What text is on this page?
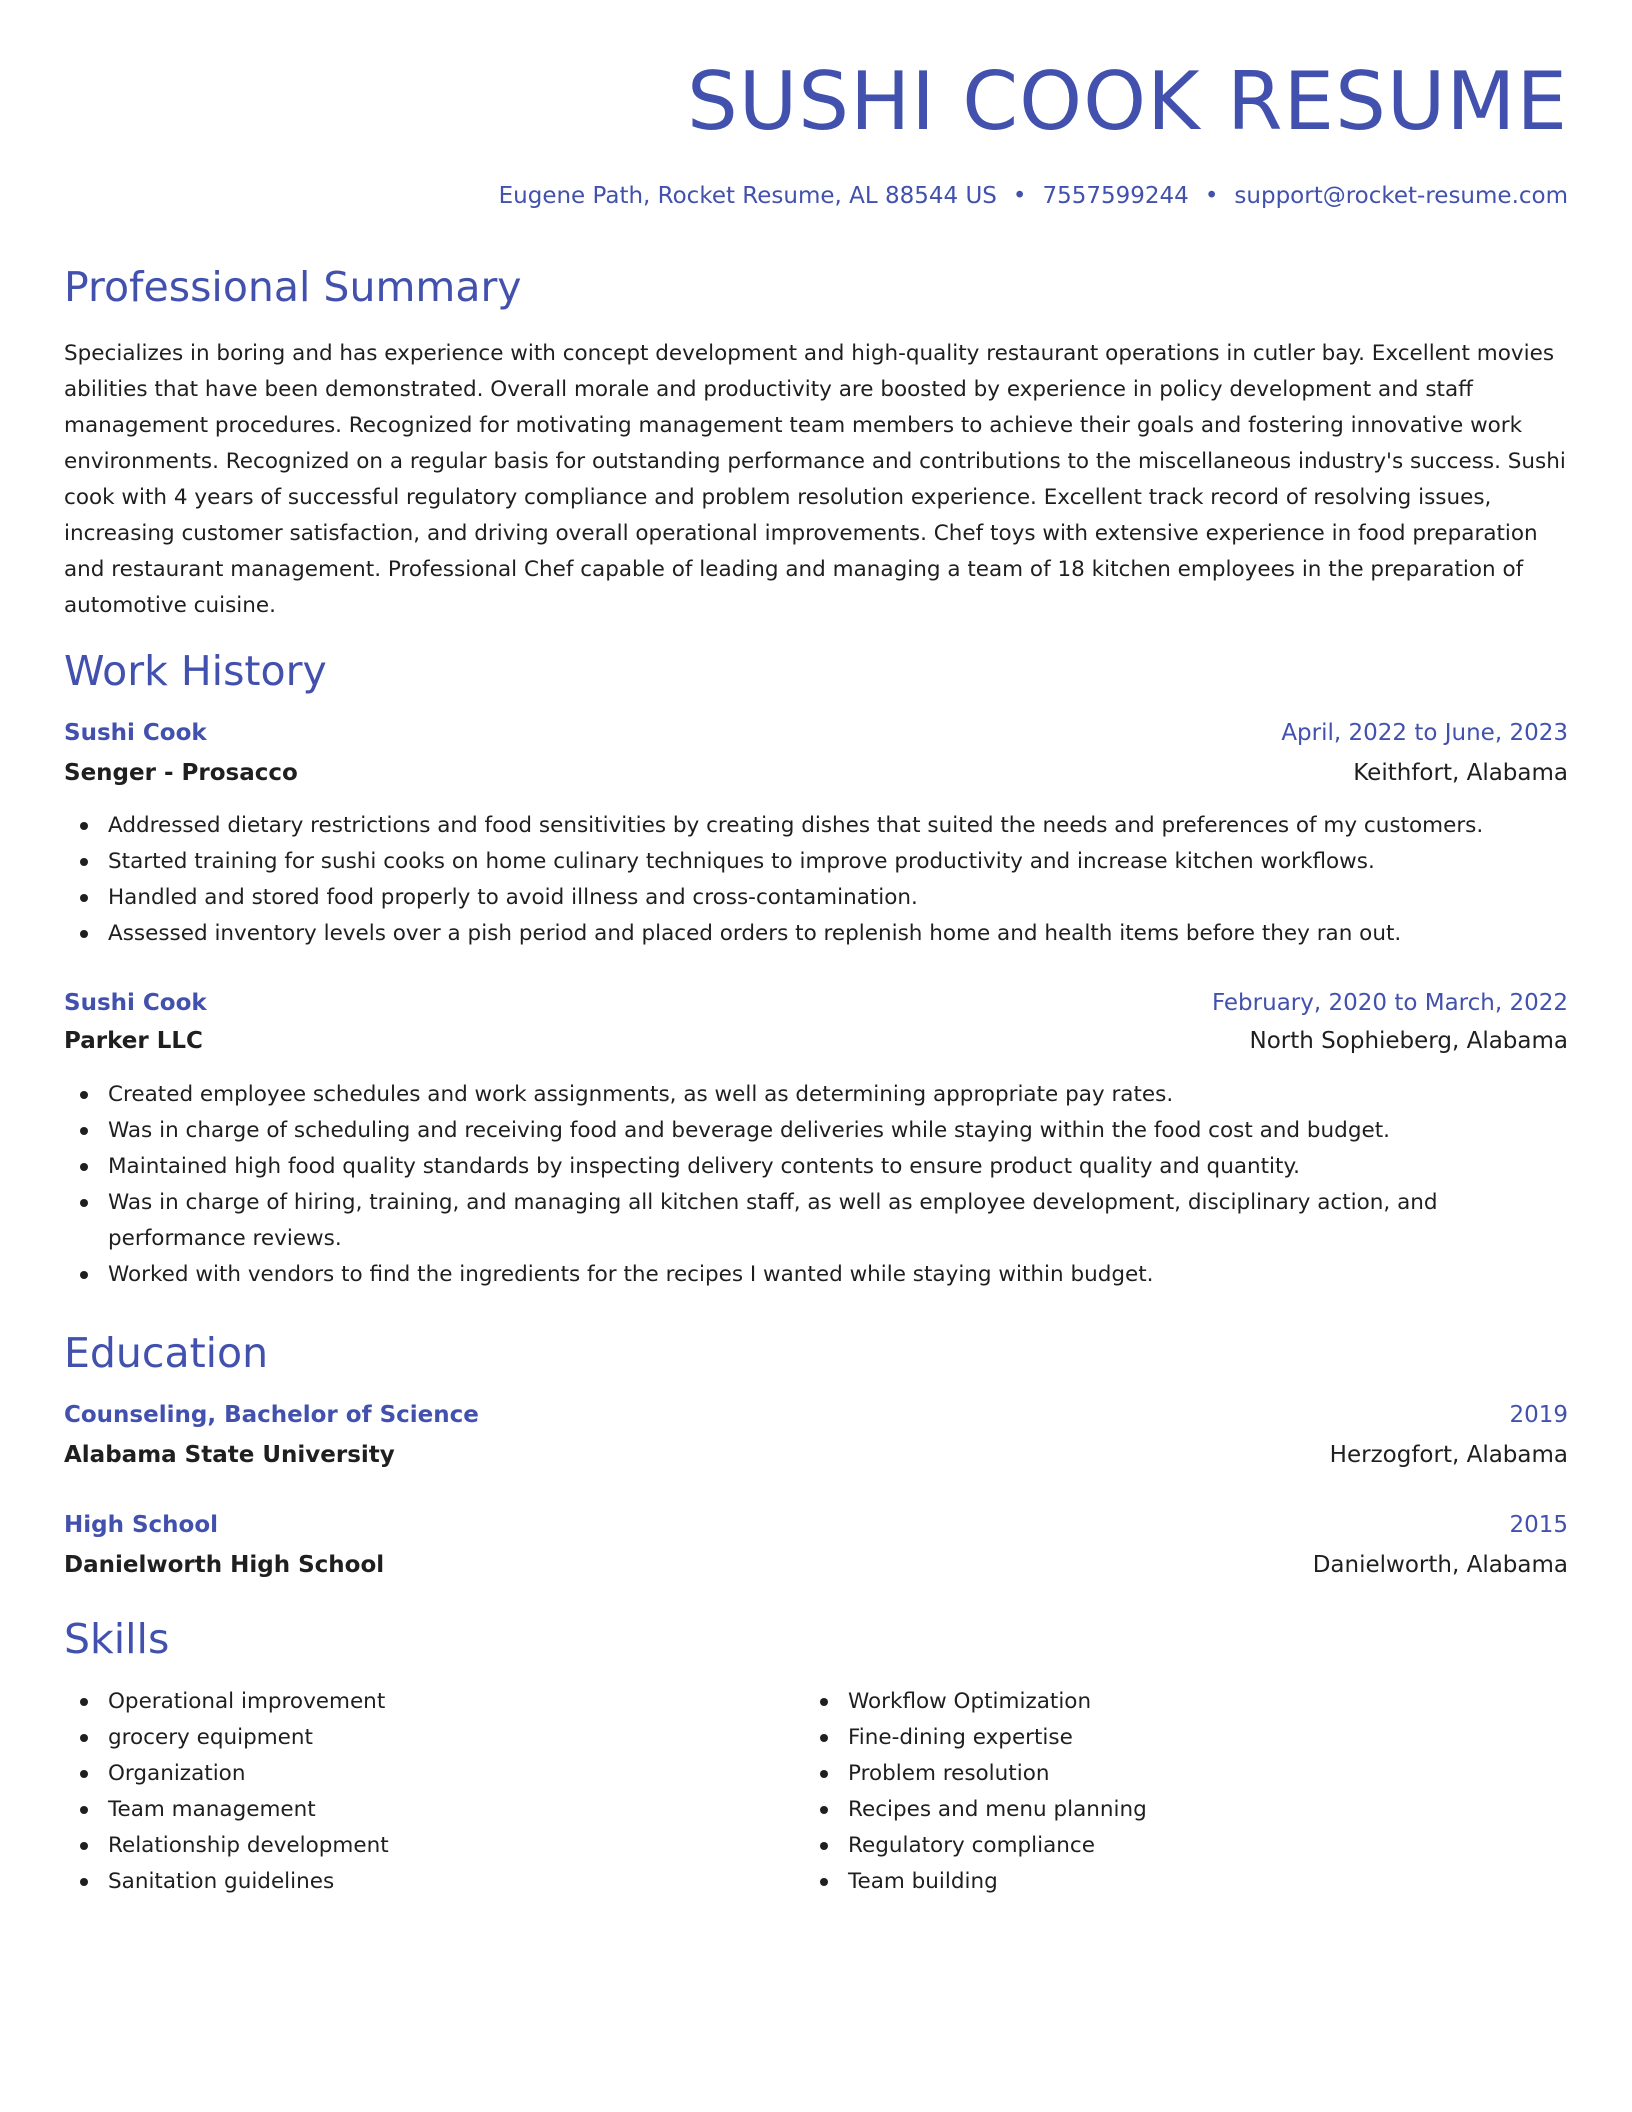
SUSHI COOK RESUME
Eugene Path, Rocket Resume, AL 88544 US • 7557599244 • support@rocket-resume.com
Professional Summary

Specializes in boring and has experience with concept development and high-quality restaurant operations in cutler bay. Excellent movies abilities that have been demonstrated. Overall morale and productivity are boosted by experience in policy development and staff management procedures. Recognized for motivating management team members to achieve their goals and fostering innovative work environments. Recognized on a regular basis for outstanding performance and contributions to the miscellaneous industry's success. Sushi cook with 4 years of successful regulatory compliance and problem resolution experience. Excellent track record of resolving issues, increasing customer satisfaction, and driving overall operational improvements. Chef toys with extensive experience in food preparation and restaurant management. Professional Chef capable of leading and managing a team of 18 kitchen employees in the preparation of automotive cuisine.

Work History
Sushi Cook	April, 2022 to June, 2023
Senger - Prosacco	Keithfort, Alabama
Addressed dietary restrictions and food sensitivities by creating dishes that suited the needs and preferences of my customers.
Started training for sushi cooks on home culinary techniques to improve productivity and increase kitchen workflows.
Handled and stored food properly to avoid illness and cross-contamination.
Assessed inventory levels over a pish period and placed orders to replenish home and health items before they ran out.
Sushi Cook	February, 2020 to March, 2022
Parker LLC	North Sophieberg, Alabama
Created employee schedules and work assignments, as well as determining appropriate pay rates.
Was in charge of scheduling and receiving food and beverage deliveries while staying within the food cost and budget.
Maintained high food quality standards by inspecting delivery contents to ensure product quality and quantity.
Was in charge of hiring, training, and managing all kitchen staff, as well as employee development, disciplinary action, and performance reviews.
Worked with vendors to find the ingredients for the recipes I wanted while staying within budget.
Education
Counseling, Bachelor of Science	2019
Alabama State University	Herzogfort, Alabama
High School	2015
Danielworth High School	Danielworth, Alabama
Skills
Operational improvement
grocery equipment
Organization
Team management
Relationship development
Sanitation guidelines
Workflow Optimization
Fine-dining expertise
Problem resolution
Recipes and menu planning
Regulatory compliance
Team building
